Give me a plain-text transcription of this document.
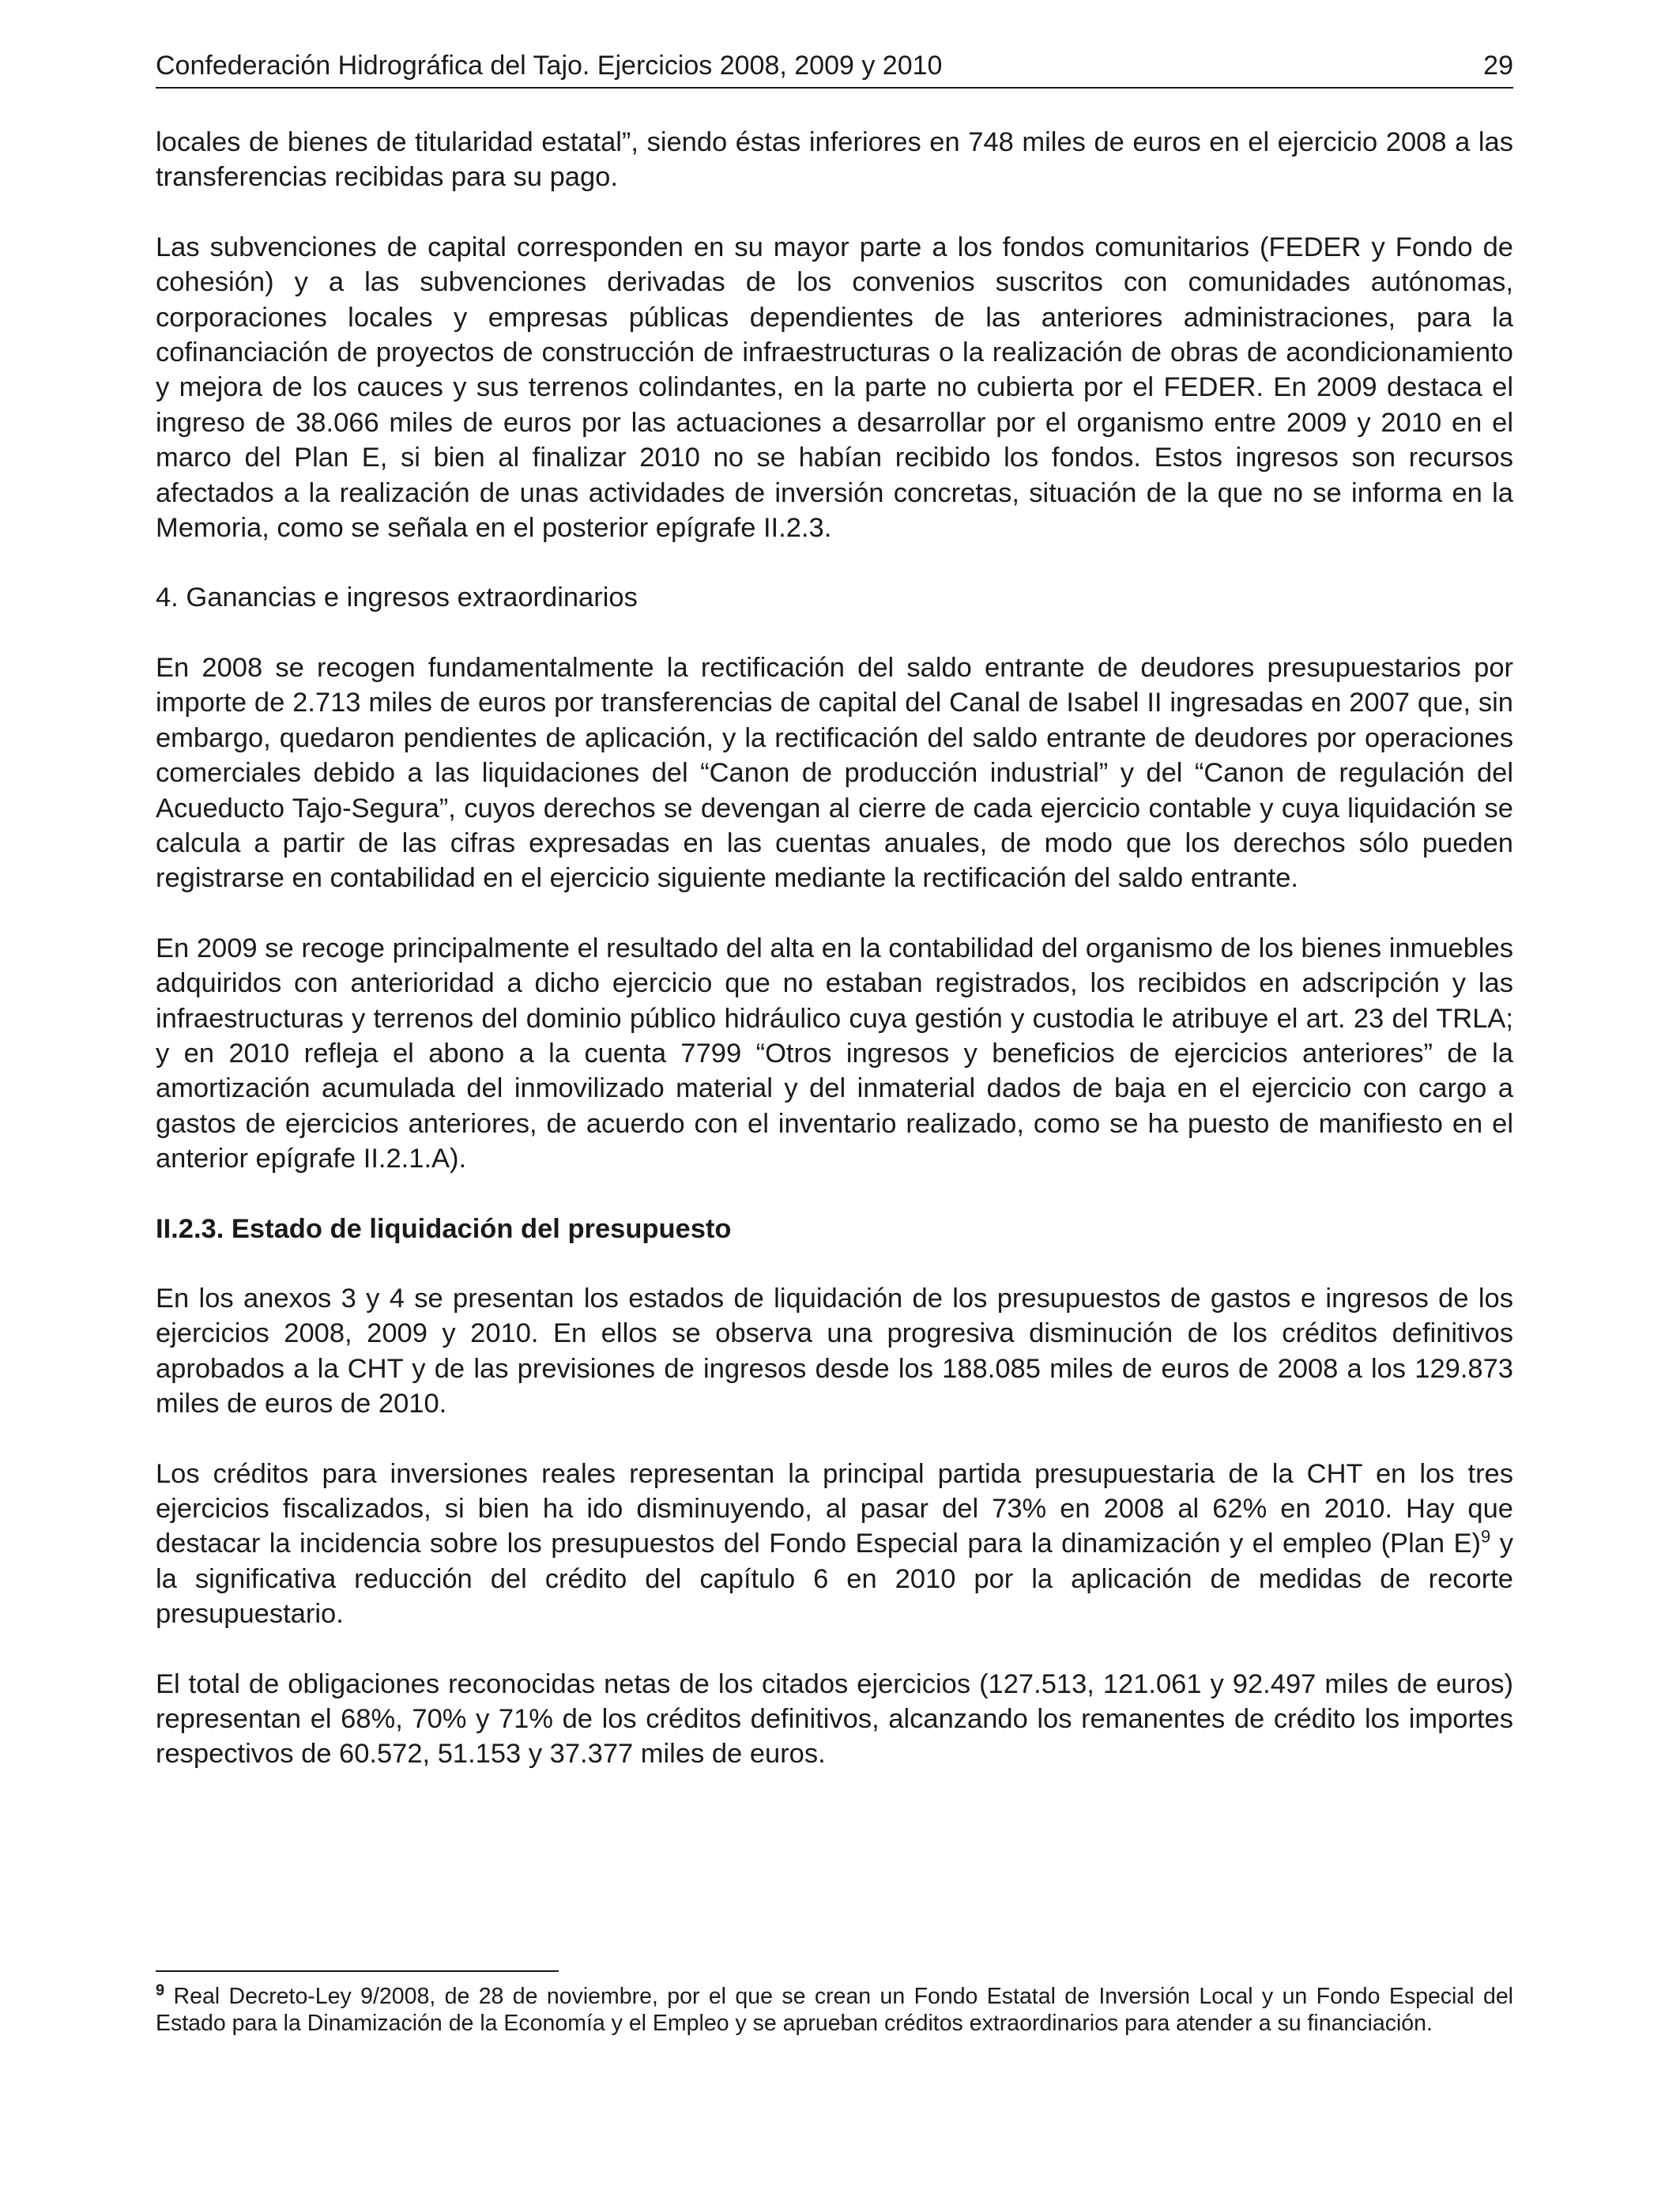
Confederación Hidrográfica del Tajo. Ejercicios 2008, 2009 y 2010	29

locales de bienes de titularidad estatal”, siendo éstas inferiores en 748 miles de euros en el ejercicio 2008 a las transferencias recibidas para su pago.

Las subvenciones de capital corresponden en su mayor parte a los fondos comunitarios (FEDER y Fondo de cohesión) y a las subvenciones derivadas de los convenios suscritos con comunidades autónomas, corporaciones locales y empresas públicas dependientes de las anteriores administraciones, para la cofinanciación de proyectos de construcción de infraestructuras o la realización de obras de acondicionamiento y mejora de los cauces y sus terrenos colindantes, en la parte no cubierta por el FEDER. En 2009 destaca el ingreso de 38.066 miles de euros por las actuaciones a desarrollar por el organismo entre 2009 y 2010 en el marco del Plan E, si bien al finalizar 2010 no se habían recibido los fondos. Estos ingresos son recursos afectados a la realización de unas actividades de inversión concretas, situación de la que no se informa en la Memoria, como se señala en el posterior epígrafe II.2.3.

4. Ganancias e ingresos extraordinarios

En 2008 se recogen fundamentalmente la rectificación del saldo entrante de deudores presupuestarios por importe de 2.713 miles de euros por transferencias de capital del Canal de Isabel II ingresadas en 2007 que, sin embargo, quedaron pendientes de aplicación, y la rectificación del saldo entrante de deudores por operaciones comerciales debido a las liquidaciones del “Canon de producción industrial” y del “Canon de regulación del Acueducto Tajo-Segura”, cuyos derechos se devengan al cierre de cada ejercicio contable y cuya liquidación se calcula a partir de las cifras expresadas en las cuentas anuales, de modo que los derechos sólo pueden registrarse en contabilidad en el ejercicio siguiente mediante la rectificación del saldo entrante.

En 2009 se recoge principalmente el resultado del alta en la contabilidad del organismo de los bienes inmuebles adquiridos con anterioridad a dicho ejercicio que no estaban registrados, los recibidos en adscripción y las infraestructuras y terrenos del dominio público hidráulico cuya gestión y custodia le atribuye el art. 23 del TRLA; y en 2010 refleja el abono a la cuenta 7799 “Otros ingresos y beneficios de ejercicios anteriores” de la amortización acumulada del inmovilizado material y del inmaterial dados de baja en el ejercicio con cargo a gastos de ejercicios anteriores, de acuerdo con el inventario realizado, como se ha puesto de manifiesto en el anterior epígrafe II.2.1.A).

II.2.3. Estado de liquidación del presupuesto

En los anexos 3 y 4 se presentan los estados de liquidación de los presupuestos de gastos e ingresos de los ejercicios 2008, 2009 y 2010. En ellos se observa una progresiva disminución de los créditos definitivos aprobados a la CHT y de las previsiones de ingresos desde los 188.085 miles de euros de 2008 a los 129.873 miles de euros de 2010.

Los créditos para inversiones reales representan la principal partida presupuestaria de la CHT en los tres ejercicios fiscalizados, si bien ha ido disminuyendo, al pasar del 73% en 2008 al 62% en 2010. Hay que destacar la incidencia sobre los presupuestos del Fondo Especial para la dinamización y el empleo (Plan E)$^9$ y la significativa reducción del crédito del capítulo 6 en 2010 por la aplicación de medidas de recorte presupuestario.

El total de obligaciones reconocidas netas de los citados ejercicios (127.513, 121.061 y 92.497 miles de euros) representan el 68%, 70% y 71% de los créditos definitivos, alcanzando los remanentes de crédito los importes respectivos de 60.572, 51.153 y 37.377 miles de euros.

$^9$ Real Decreto-Ley 9/2008, de 28 de noviembre, por el que se crean un Fondo Estatal de Inversión Local y un Fondo Especial del Estado para la Dinamización de la Economía y el Empleo y se aprueban créditos extraordinarios para atender a su financiación.
